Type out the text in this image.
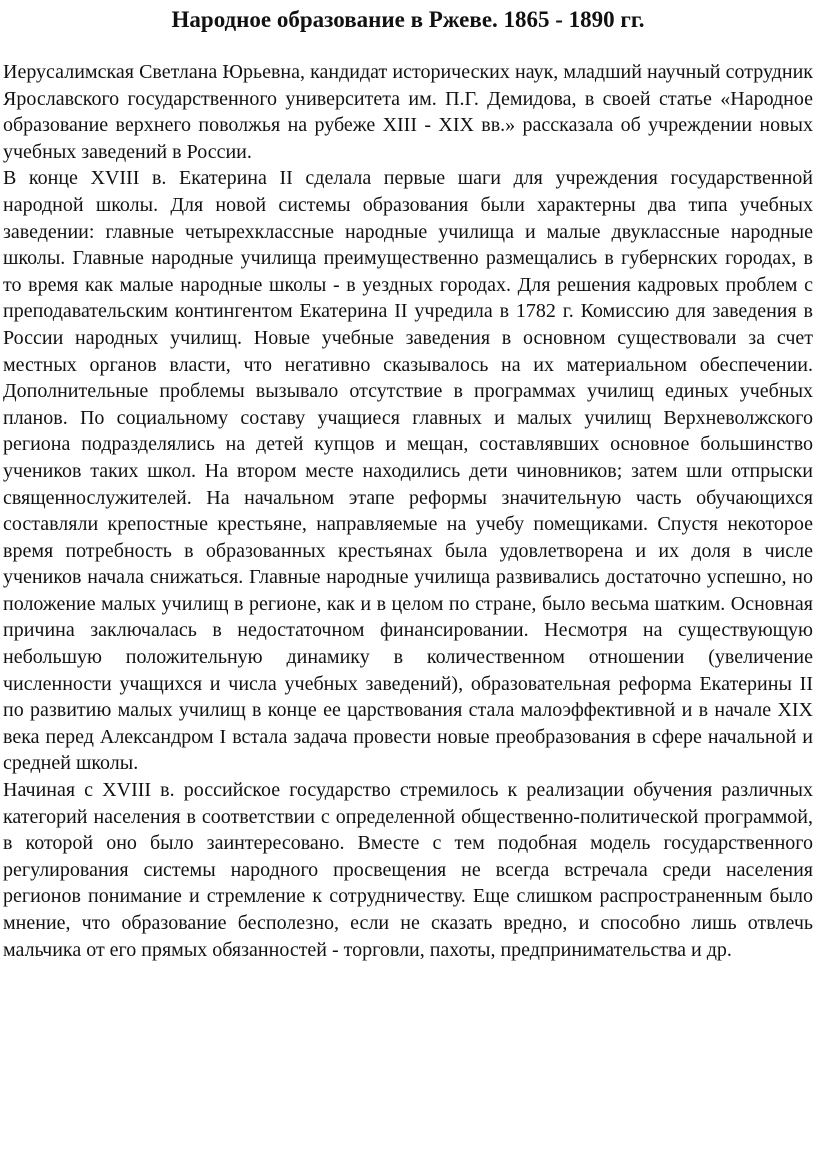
Народное образование в Ржеве. 1865 - 1890 гг.

Иерусалимская Светлана Юрьевна, кандидат исторических наук, младший научный сотрудник Ярославского государственного университета им. П.Г. Демидова, в своей статье «Народное образование верхнего поволжья на рубеже XIII - XIX вв.» рассказала об учреждении новых учебных заведений в России.

В конце XVIII в. Екатерина II сделала первые шаги для учреждения государственной народной школы. Для новой системы образования были характерны два типа учебных заведении: главные четырехклассные народные училища и малые двуклассные народные школы. Главные народные училища преимущественно размещались в губернских городах, в то время как малые народные школы - в уездных городах. Для решения кадровых проблем с преподавательским контингентом Екатерина II учредила в 1782 г. Комиссию для заведения в России народных училищ. Новые учебные заведения в основном существовали за счет местных органов власти, что негативно сказывалось на их материальном обеспечении. Дополнительные проблемы вызывало отсутствие в программах училищ единых учебных планов. По социальному составу учащиеся главных и малых училищ Верхневолжского региона подразделялись на детей купцов и мещан, составлявших основное большинство учеников таких школ. На втором месте находились дети чиновников; затем шли отпрыски священнослужителей. На начальном этапе реформы значительную часть обучающихся составляли крепостные крестьяне, направляемые на учебу помещиками. Спустя некоторое время потребность в образованных крестьянах была удовлетворена и их доля в числе учеников начала снижаться. Главные народные училища развивались достаточно успешно, но положение малых училищ в регионе, как и в целом по стране, было весьма шатким. Основная причина заключалась в недостаточном финансировании. Несмотря на существующую небольшую положительную динамику в количественном отношении (увеличение численности учащихся и числа учебных заведений), образовательная реформа Екатерины II по развитию малых училищ в конце ее царствования стала малоэффективной и в начале XIX века перед Александром I встала задача провести новые преобразования в сфере начальной и средней школы.

Начиная с XVIII в. российское государство стремилось к реализации обучения различных категорий населения в соответствии с определенной общественно-политической программой, в которой оно было заинтересовано. Вместе с тем подобная модель государственного регулирования системы народного просвещения не всегда встречала среди населения регионов понимание и стремление к сотрудничеству. Еще слишком распространенным было мнение, что образование бесполезно, если не сказать вредно, и способно лишь отвлечь мальчика от его прямых обязанностей - торговли, пахоты, предпринимательства и др.
